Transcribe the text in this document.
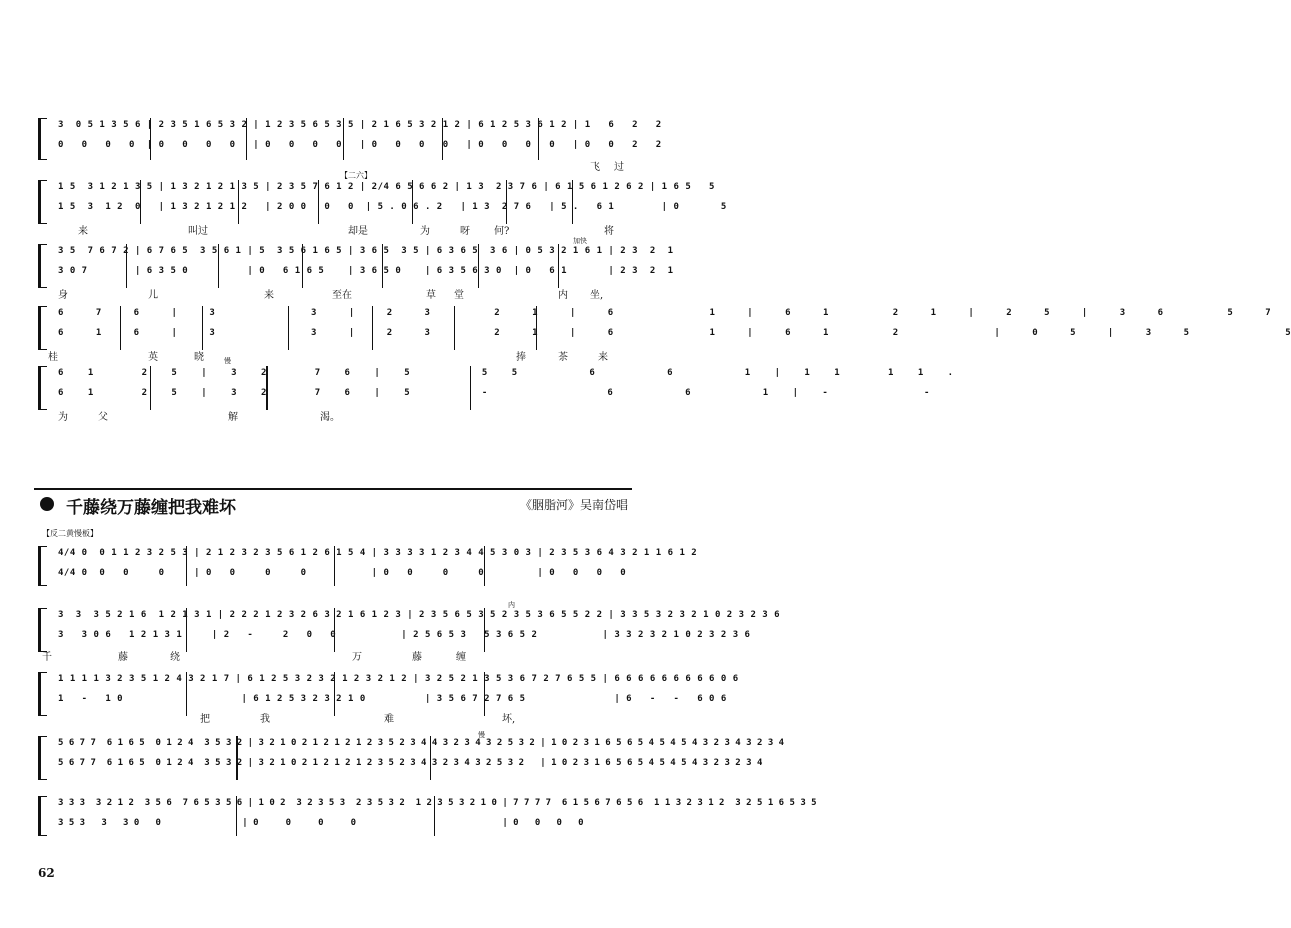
3  0 5 1 3 5 6 | 2 3 5 1 6 5 3 2 | 1 2 3 5 6 5 3 5 | 2 1 6 5 3 2 1 2 | 6 1 2 5 3 6 1 2 | 1   6   2   2
0   0   0   0  | 0   0   0   0   | 0   0   0   0   | 0   0   0   0   | 0   0   0   0   | 0   0   2   2
飞 过
【二六】
1 5  3 1 2 1 3 5 | 1 3 2 1 2 1 3 5 | 2 3 5 7 6 1 2 | 2/4 6 5 6 6 2 | 1 3  2 3 7 6 | 6 1 5 6 1 2 6 2 | 1 6 5   5
1 5  3  1 2  0   | 1 3 2 1 2 1 2   | 2 0 0   0   0  | 5 . 0 6 . 2   | 1 3  2 7 6   | 5 .   6 1        | 0       5
来	叫过	却是	为	呀 何?	将
加快
3 5  7 6 7 2 | 6 7 6 5  3 5 6 1 | 5  3 5 6 1 6 5 | 3 6 5  3 5 | 6 3 6 5  3 6 | 0 5 3 2 1 6 1 | 2 3  2  1
3 0 7        | 6 3 5 0          | 0   6 1 6 5    | 3 6 5 0    | 6 3 5 6 3 0  | 0   6 1       | 2 3  2  1
身	儿	来	至在	草 堂	内 坐,
6 7 6 | 3   3 | 2 3  2 1 | 6   1 | 6 1  2 1 | 2 5 | 3 6  5 7
6 1 6 | 3   3 | 2 3  2 1 | 6   1 | 6 1  2   | 0 5 | 3 5   5
桂	英	晓	捧	茶	来
慢
6 1  2 5 | 3 2  7 6 | 5   5 5   6   6   1 | 1 1  1 1 .
6 1  2 5 | 3 2  7 6 | 5   -     6   6   1 | -    -
为	父	解	渴。
千藤绕万藤缠把我难坏	《胭脂河》吴南岱唱
【反二黄慢板】
4/4 0  0 1 1 2 3 2 5 3 | 2 1 2 3 2 3 5 6 1 2 6 1 5 4 | 3 3 3 3 1 2 3 4 4 5 3 0 3 | 2 3 5 3 6 4 3 2 1 1 6 1 2
4/4 0  0   0     0     | 0   0     0     0           | 0   0     0     0         | 0   0   0   0
内
3  3  3 5 2 1 6  1 2 1 3 1 | 2 2 2 1 2 3 2 6 3 2 1 6 1 2 3 | 2 3 5 6 5 3 5 2 3 5 3 6 5 5 2 2 | 3 3 5 3 2 3 2 1 0 2 3 2 3 6
3   3 0 6   1 2 1 3 1     | 2   -     2   0   0           | 2 5 6 5 3   5 3 6 5 2           | 3 3 2 3 2 1 0 2 3 2 3 6
千	藤	绕	万	藤	缠
1 1 1 1 3 2 3 5 1 2 4 3 2 1 7 | 6 1 2 5 3 2 3 2 1 2 3 2 1 2 | 3 2 5 2 1 3 5 3 6 7 2 7 6 5 5 | 6 6 6 6 6 6 6 6 6 0 6
1   -   1 0                    | 6 1 2 5 3 2 3 2 1 0          | 3 5 6 7 2 7 6 5               | 6   -   -   6 0 6
把	我	难	坏,
慢
5 6 7 7  6 1 6 5  0 1 2 4  3 5 3 2 | 3 2 1 0 2 1 2 1 2 1 2 3 5 2 3 4 4 3 2 3 4 3 2 5 3 2 | 1 0 2 3 1 6 5 6 5 4 5 4 5 4 3 2 3 4 3 2 3 4
5 6 7 7  6 1 6 5  0 1 2 4  3 5 3 2 | 3 2 1 0 2 1 2 1 2 1 2 3 5 2 3 4 3 2 3 4 3 2 5 3 2   | 1 0 2 3 1 6 5 6 5 4 5 4 5 4 3 2 3 2 3 4
3 3 3  3 2 1 2  3 5 6  7 6 5 3 5 6 | 1 0 2  3 2 3 5 3  2 3 5 3 2  1 2 3 5 3 2 1 0 | 7 7 7 7  6 1 5 6 7 6 5 6  1 1 3 2 3 1 2  3 2 5 1 6 5 3 5
3 5 3   3   3 0   0               | 0     0     0     0                           | 0   0   0   0
62
